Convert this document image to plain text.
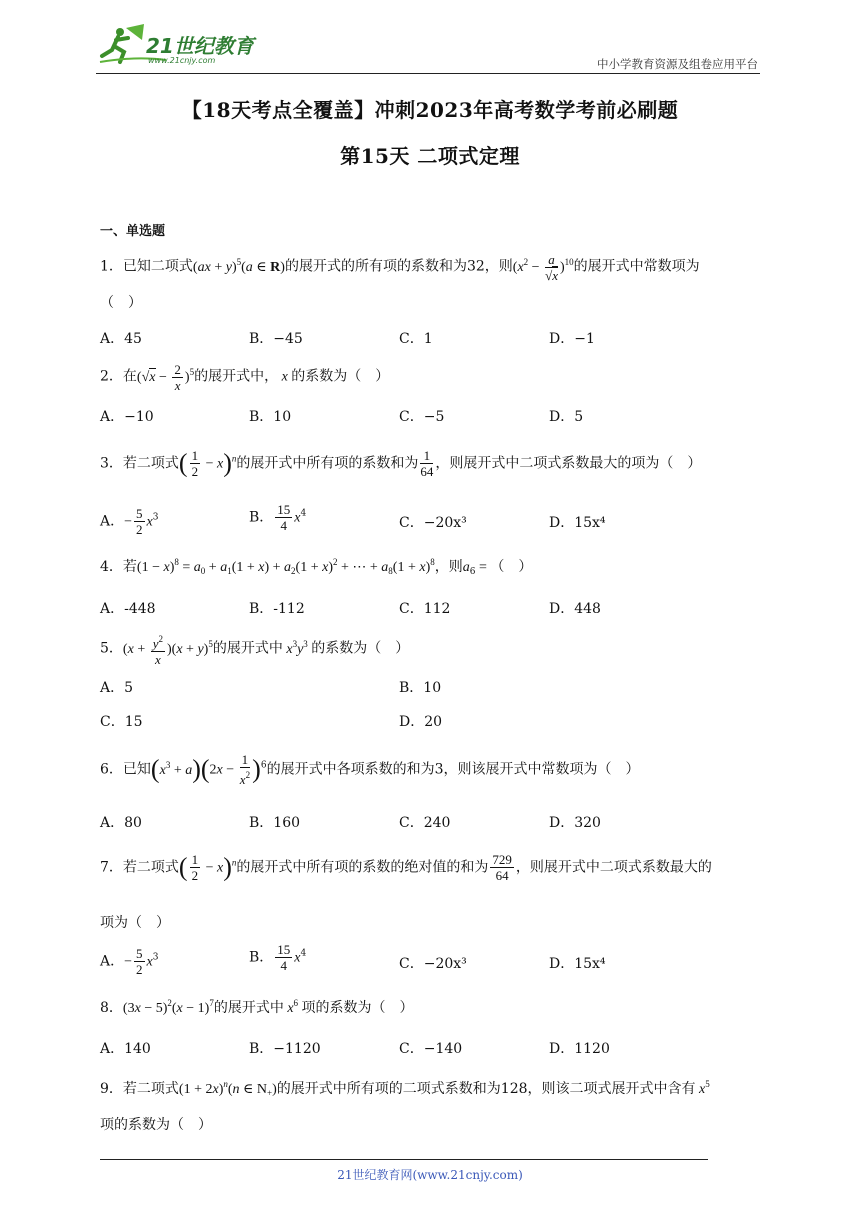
21世纪教育
www.21cnjy.com	中小学教育资源及组卷应用平台
【18天考点全覆盖】冲刺2023年高考数学考前必刷题
第15天 二项式定理
一、单选题
1．已知二项式(ax + y)$^5$(a ∈ R)的展开式的所有项的系数和为32，则$(x^2 - \frac{a}{√x} )^{10}$的展开式中常数项为
（　）
A．45	B．−45	C．1	D．−1
2．在$(√x - \frac{2}{x} )^5$的展开式中， x 的系数为（　）
A．−10	B．10	C．−5	D．5
3．若二项式( $\frac{1}{2} - x)^n$的展开式中所有项的系数和为 $\frac{1}{64}$ ，则展开式中二项式系数最大的项为（　）
A．− $\frac{5}{2} x^3$	B． $\frac{15}{4} x^4$
C．−20x³	D．15x⁴
4．若$(1 - x)^8 = a_0 + a_1(1 + x) + a_2(1 + x)^2$ + ⋯ + $a_8(1 + x)^8$，则$a_6$ = （　）
A．-448	B．-112	C．112	D．448
5．$(x + \frac{y^2}{x} )(x + y)^5$的展开式中 $x^3y^3$ 的系数为（　）
A．5	B．10
C．15	D．20
6．已知$(x^3 + a)(2x - \frac{1}{x^2} )^6$的展开式中各项系数的和为3，则该展开式中常数项为（　）
A．80	B．160	C．240	D．320
7．若二项式( $\frac{1}{2} - x)^n$的展开式中所有项的系数的绝对值的和为 $\frac{729}{64}$ ，则展开式中二项式系数最大的
项为（　）
A．− $\frac{5}{2} x^3$	B． $\frac{15}{4} x^4$
C．−20x³	D．15x⁴
8．$(3x - 5)^2(x - 1)^7$的展开式中 $x^6$ 项的系数为（　）
A．140	B．−1120	C．−140	D．1120
9．若二项式$(1 + 2x)^n(n$ ∈ $N_+$)的展开式中所有项的二项式系数和为128，则该二项式展开式中含有 $x^5$
项的系数为（　）
21世纪教育网(www.21cnjy.com)
